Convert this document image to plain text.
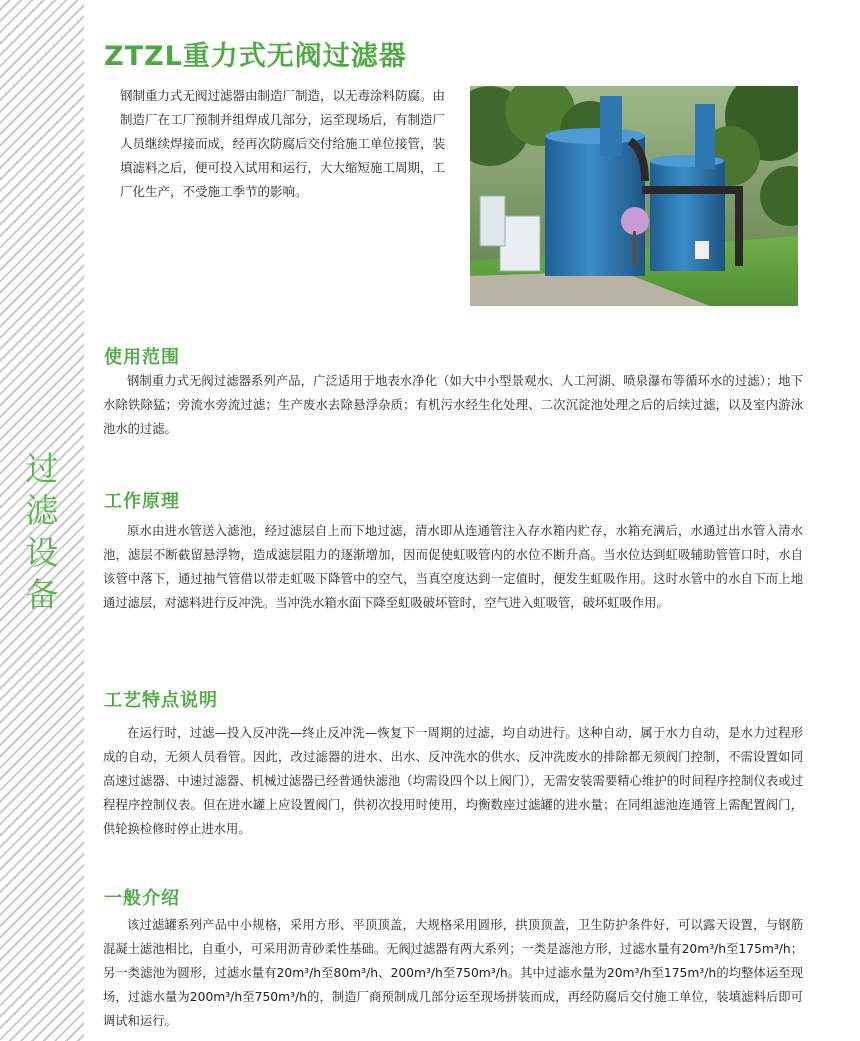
过
滤
设
备
ZTZL重力式无阀过滤器

钢制重力式无阀过滤器由制造厂制造，以无毒涂料防腐。由制造厂在工厂预制并组焊成几部分，运至现场后，有制造厂人员继续焊接而成，经再次防腐后交付给施工单位接管，装填滤料之后，便可投入试用和运行，大大缩短施工周期，工厂化生产，不受施工季节的影响。

使用范围

钢制重力式无阀过滤器系列产品，广泛适用于地表水净化（如大中小型景观水、人工河湖、喷泉瀑布等循环水的过滤）；地下水除铁除猛；旁流水旁流过滤；生产废水去除悬浮杂质；有机污水经生化处理、二次沉淀池处理之后的后续过滤，以及室内游泳池水的过滤。

工作原理

原水由进水管送入滤池，经过滤层自上而下地过滤，清水即从连通管注入存水箱内贮存，水箱充满后，水通过出水管入清水池，滤层不断截留悬浮物，造成滤层阻力的逐渐增加，因而促使虹吸管内的水位不断升高。当水位达到虹吸辅助管管口时，水自该管中落下，通过抽气管借以带走虹吸下降管中的空气，当真空度达到一定值时，便发生虹吸作用。这时水管中的水自下而上地通过滤层，对滤料进行反冲洗。当冲洗水箱水面下降至虹吸破坏管时，空气进入虹吸管，破坏虹吸作用。

工艺特点说明

在运行时，过滤—投入反冲洗—终止反冲洗—恢复下一周期的过滤，均自动进行。这种自动，属于水力自动，是水力过程形成的自动，无须人员看管。因此，改过滤器的进水、出水、反冲洗水的供水、反冲洗废水的排除都无须阀门控制，不需设置如同高速过滤器、中速过滤器、机械过滤器已经普通快滤池（均需设四个以上阀门），无需安装需要精心维护的时间程序控制仪表或过程程序控制仪表。但在进水罐上应设置阀门，供初次投用时使用，均衡数座过滤罐的进水量；在同组滤池连通管上需配置阀门，供轮换检修时停止进水用。

一般介绍

该过滤罐系列产品中小规格，采用方形、平顶顶盖，大规格采用圆形，拱顶顶盖，卫生防护条件好，可以露天设置，与钢筋混凝土滤池相比，自重小，可采用沥青砂柔性基础。无阀过滤器有两大系列；一类是滤池方形，过滤水量有20m³/h至175m³/h；另一类滤池为圆形，过滤水量有20m³/h至80m³/h、200m³/h至750m³/h。其中过滤水量为20m³/h至175m³/h的均整体运至现场，过滤水量为200m³/h至750m³/h的，制造厂商预制成几部分运至现场拼装而成，再经防腐后交付施工单位，装填滤料后即可调试和运行。
